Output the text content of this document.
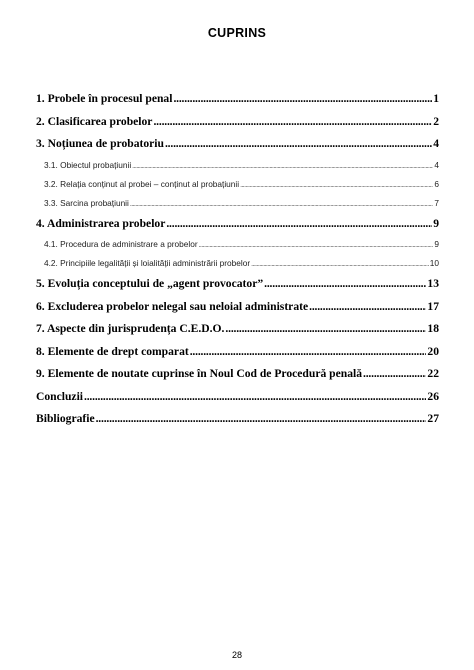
CUPRINS
1. Probele în procesul penal .....	1
2. Clasificarea probelor .....	2
3. Noțiunea de probatoriu .....	4
3.1. Obiectul probațiunii .....	4
3.2. Relația conținut al probei – conținut al probațiunii .....	6
3.3. Sarcina probațiunii .....	7
4. Administrarea probelor .....	9
4.1. Procedura de administrare a probelor .....	9
4.2. Principiile legalității și loialității administrării probelor .....	10
5. Evoluția conceptului de „agent provocator” .....	13
6. Excluderea probelor nelegal sau neloial administrate .....	17
7. Aspecte din jurisprudența C.E.D.O. .....	18
8. Elemente de drept comparat .....	20
9. Elemente de noutate cuprinse în Noul Cod de Procedură penală .....	22
Concluzii .....	26
Bibliografie .....	27
28
